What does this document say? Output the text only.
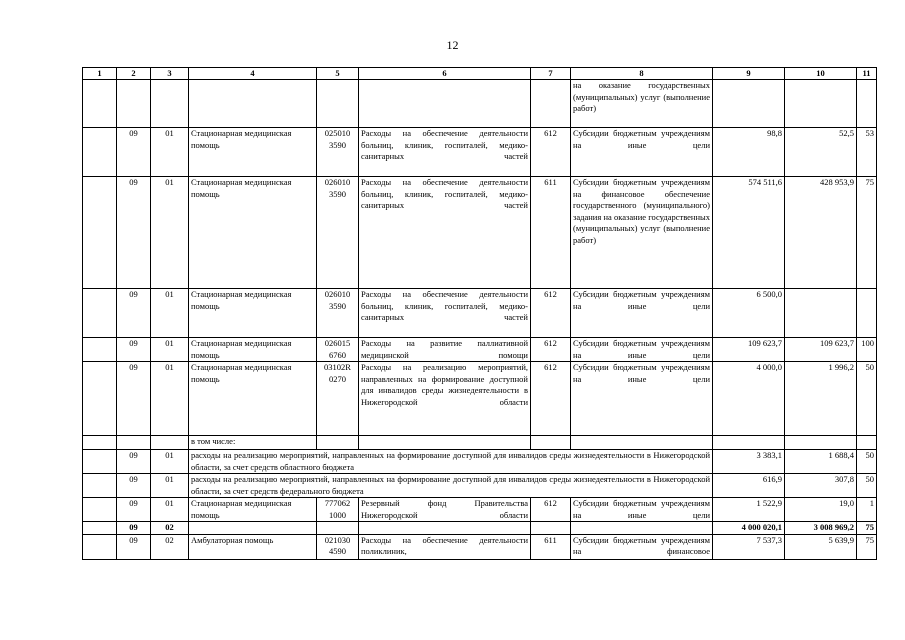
12
1	2	3	4	5	6	7	8	9	10	11
							на оказание государственных (муниципальных) услуг (выполнение работ)			
	09	01	Стационарная медицинская помощь	025010 3590	Расходы на обеспечение деятельности больниц, клиник, госпиталей, медико-санитарных частей	612	Субсидии бюджетным учреждениям на иные цели	98,8	52,5	53
	09	01	Стационарная медицинская помощь	026010 3590	Расходы на обеспечение деятельности больниц, клиник, госпиталей, медико-санитарных частей	611	Субсидии бюджетным учреждениям на финансовое обеспечение государственного (муниципального) задания на оказание государственных (муниципальных) услуг (выполнение работ)	574 511,6	428 953,9	75
	09	01	Стационарная медицинская помощь	026010 3590	Расходы на обеспечение деятельности больниц, клиник, госпиталей, медико-санитарных частей	612	Субсидии бюджетным учреждениям на иные цели	6 500,0		
	09	01	Стационарная медицинская помощь	026015 6760	Расходы на развитие паллиативной медицинской помощи	612	Субсидии бюджетным учреждениям на иные цели	109 623,7	109 623,7	100
	09	01	Стационарная медицинская помощь	03102R 0270	Расходы на реализацию мероприятий, направленных на формирование доступной для инвалидов среды жизнедеятельности в Нижегородской области	612	Субсидии бюджетным учреждениям на иные цели	4 000,0	1 996,2	50
			в том числе:							
	09	01	расходы на реализацию мероприятий, направленных на формирование доступной для инвалидов среды жизнедеятельности в Нижегородской области, за счет средств областного бюджета					3 383,1	1 688,4	50
	09	01	расходы на реализацию мероприятий, направленных на формирование доступной для инвалидов среды жизнедеятельности в Нижегородской области, за счет средств федерального бюджета					616,9	307,8	50
	09	01	Стационарная медицинская помощь	777062 1000	Резервный фонд Правительства Нижегородской области	612	Субсидии бюджетным учреждениям на иные цели	1 522,9	19,0	1
	09	02						4 000 020,1	3 008 969,2	75
	09	02	Амбулаторная помощь	021030 4590	Расходы на обеспечение деятельности поликлиник,	611	Субсидии бюджетным учреждениям на финансовое	7 537,3	5 639,9	75
